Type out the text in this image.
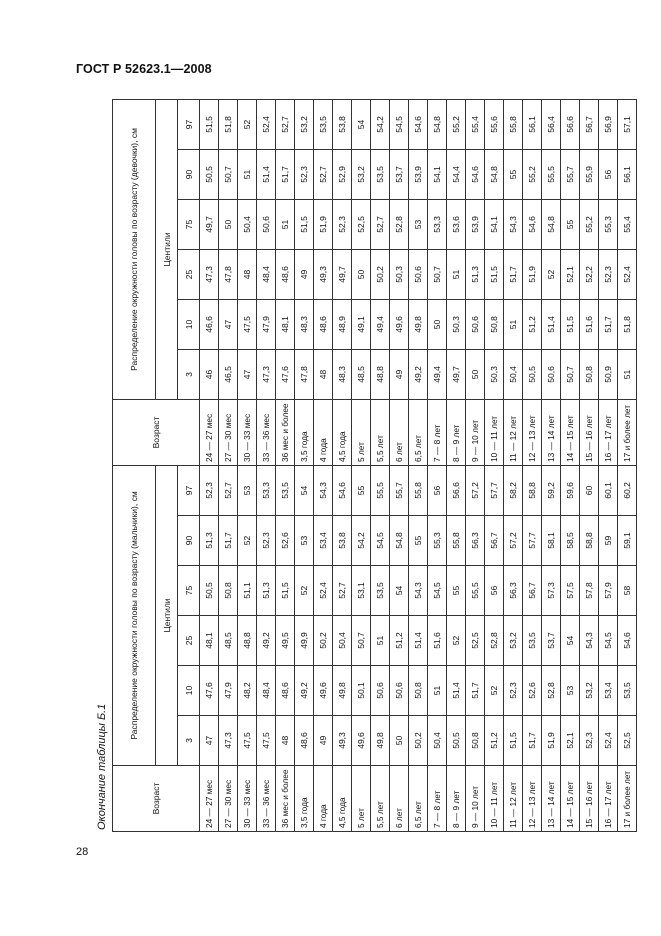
ГОСТ Р 52623.1—2008
Окончание таблицы Б.1	Возраст	Распределение окружности головы по возрасту (мальчики), см					
	Центили					
	3	10	25	75	90	97
24 — 27 мес	47	47,6	48,1	50,5	51,3	52,3
27 — 30 мес	47,3	47,9	48,5	50,8	51,7	52,7
30 — 33 мес	47,5	48,2	48,8	51,1	52	53
33 — 36 мес	47,5	48,4	49,2	51,3	52,3	53,3
36 мес и более	48	48,6	49,5	51,5	52,6	53,5
3,5 года	48,6	49,2	49,9	52	53	54
4 года	49	49,6	50,2	52,4	53,4	54,3
4,5 года	49,3	49,8	50,4	52,7	53,8	54,6
5 лет	49,6	50,1	50,7	53,1	54,2	55
5,5 лет	49,8	50,6	51	53,5	54,5	55,5
6 лет	50	50,6	51,2	54	54,8	55,7
6,5 лет	50,2	50,8	51,4	54,3	55	55,8
7 — 8 лет	50,4	51	51,6	54,5	55,3	56
8 — 9 лет	50,5	51,4	52	55	55,8	56,6
9 — 10 лет	50,8	51,7	52,5	55,5	56,3	57,2
10 — 11 лет	51,2	52	52,8	56	56,7	57,7
11 — 12 лет	51,5	52,3	53,2	56,3	57,2	58,2
12 — 13 лет	51,7	52,6	53,5	56,7	57,7	58,8
13 — 14 лет	51,9	52,8	53,7	57,3	58,1	59,2
14 — 15 лет	52,1	53	54	57,5	58,5	59,6
15 — 16 лет	52,3	53,2	54,3	57,8	58,8	60
16 — 17 лет	52,4	53,4	54,5	57,9	59	60,1
17 и более лет	52,5	53,5	54,6	58	59,1	60,2
Возраст	Распределение окружности головы по возрасту (девочки), см					
	Центили					
	3	10	25	75	90	97
24 — 27 мес	46	46,6	47,3	49,7	50,5	51,5
27 — 30 мес	46,5	47	47,8	50	50,7	51,8
30 — 33 мес	47	47,5	48	50,4	51	52
33 — 36 мес	47,3	47,9	48,4	50,6	51,4	52,4
36 мес и более	47,6	48,1	48,6	51	51,7	52,7
3,5 года	47,8	48,3	49	51,5	52,3	53,2
4 года	48	48,6	49,3	51,9	52,7	53,5
4,5 года	48,3	48,9	49,7	52,3	52,9	53,8
5 лет	48,5	49,1	50	52,5	53,2	54
5,5 лет	48,8	49,4	50,2	52,7	53,5	54,2
6 лет	49	49,6	50,3	52,8	53,7	54,5
6,5 лет	49,2	49,8	50,6	53	53,9	54,6
7 — 8 лет	49,4	50	50,7	53,3	54,1	54,8
8 — 9 лет	49,7	50,3	51	53,6	54,4	55,2
9 — 10 лет	50	50,6	51,3	53,9	54,6	55,4
10 — 11 лет	50,3	50,8	51,5	54,1	54,8	55,6
11 — 12 лет	50,4	51	51,7	54,3	55	55,8
12 — 13 лет	50,5	51,2	51,9	54,6	55,2	56,1
13 — 14 лет	50,6	51,4	52	54,8	55,5	56,4
14 — 15 лет	50,7	51,5	52,1	55	55,7	56,6
15 — 16 лет	50,8	51,6	52,2	55,2	55,9	56,7
16 — 17 лет	50,9	51,7	52,3	55,3	56	56,9
17 и более лет	51	51,8	52,4	55,4	56,1	57,1
28
